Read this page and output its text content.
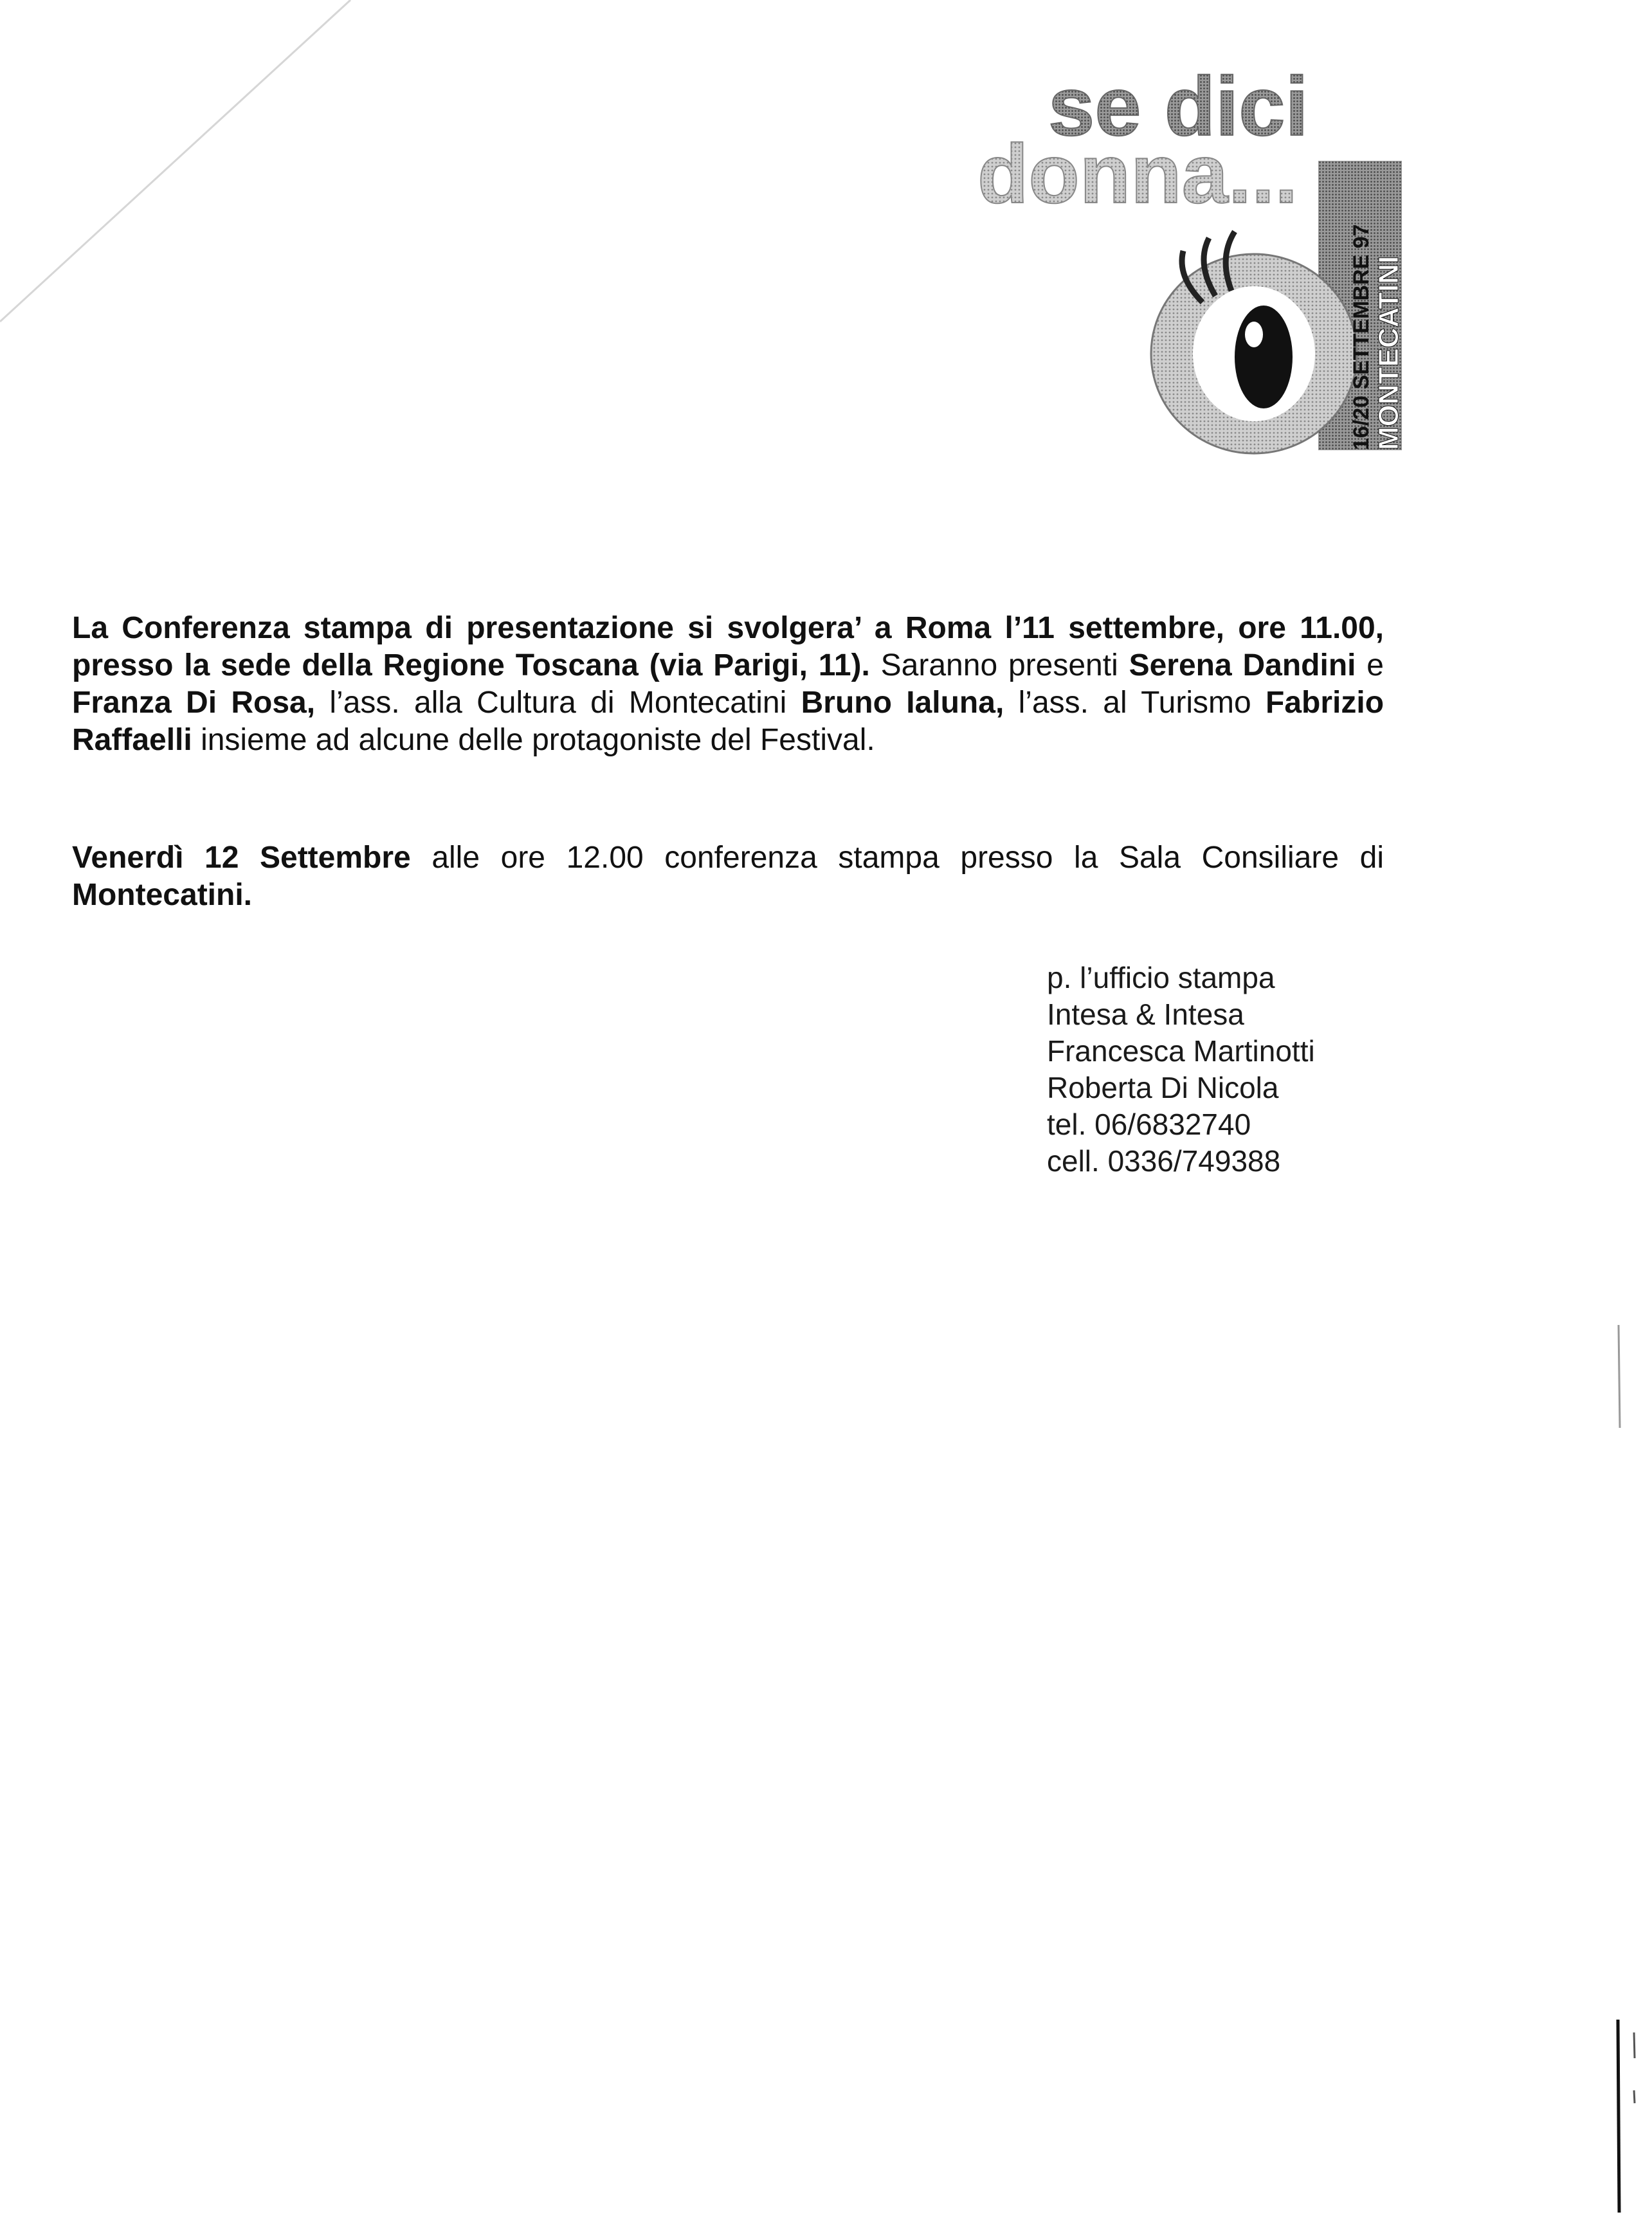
se dici
donna...
16/20 SETTEMBRE 97 MONTECATINI
La Conferenza stampa di presentazione si svolgera’ a Roma l’11 settembre, ore 11.00, presso la sede della Regione Toscana (via Parigi, 11). Saranno presenti Serena Dandini e Franza Di Rosa, l’ass. alla Cultura di Montecatini Bruno Ialuna, l’ass. al Turismo Fabrizio Raffaelli insieme ad alcune delle protagoniste del Festival.
Venerdì 12 Settembre alle ore 12.00 conferenza stampa presso la Sala Consiliare di Montecatini.
p. l’ufficio stampa
Intesa & Intesa
Francesca Martinotti
Roberta Di Nicola
tel. 06/6832740
cell. 0336/749388
